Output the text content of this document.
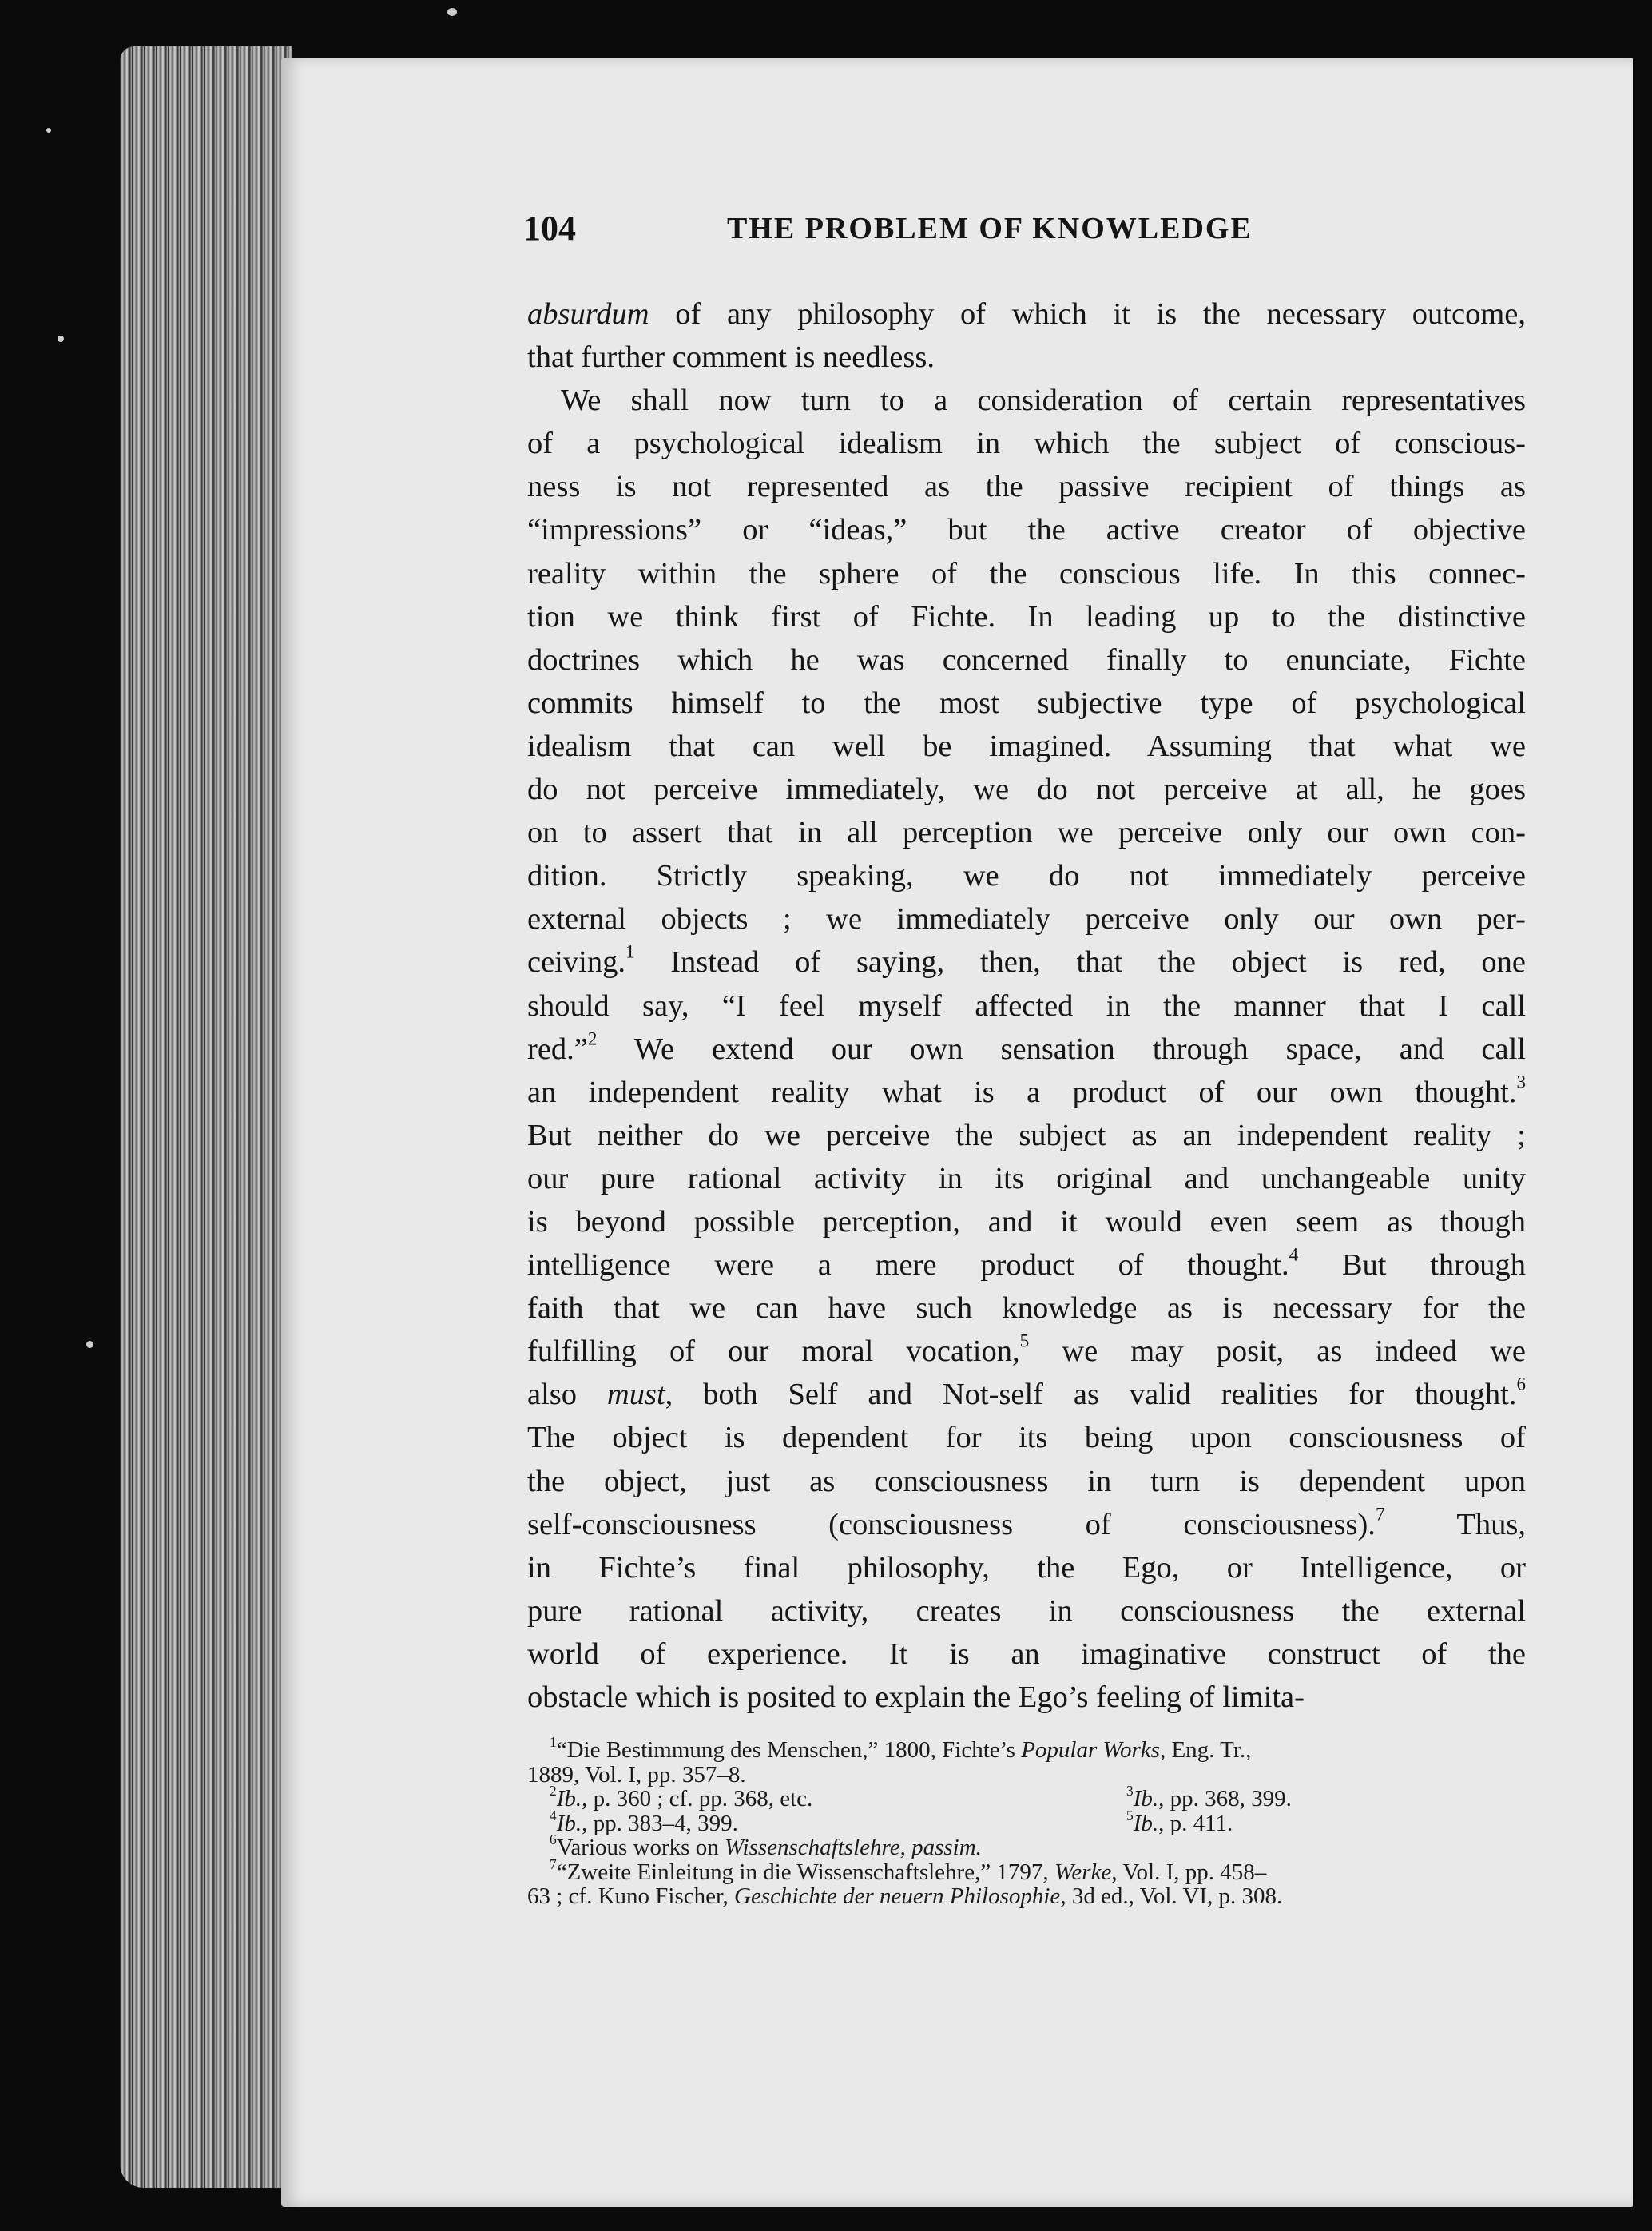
104	THE PROBLEM OF KNOWLEDGE
absurdum of any philosophy of which it is the necessary outcome,
that further comment is needless.
We shall now turn to a consideration of certain representatives
of a psychological idealism in which the subject of conscious-
ness is not represented as the passive recipient of things as
“impressions” or “ideas,” but the active creator of objective
reality within the sphere of the conscious life. In this connec-
tion we think first of Fichte. In leading up to the distinctive
doctrines which he was concerned finally to enunciate, Fichte
commits himself to the most subjective type of psychological
idealism that can well be imagined. Assuming that what we
do not perceive immediately, we do not perceive at all, he goes
on to assert that in all perception we perceive only our own con-
dition. Strictly speaking, we do not immediately perceive
external objects ; we immediately perceive only our own per-
ceiving.$^1$ Instead of saying, then, that the object is red, one
should say, “I feel myself affected in the manner that I call
red.”$^2$ We extend our own sensation through space, and call
an independent reality what is a product of our own thought.$^3$
But neither do we perceive the subject as an independent reality ;
our pure rational activity in its original and unchangeable unity
is beyond possible perception, and it would even seem as though
intelligence were a mere product of thought.$^4$ But through
faith that we can have such knowledge as is necessary for the
fulfilling of our moral vocation,$^5$ we may posit, as indeed we
also must, both Self and Not-self as valid realities for thought.$^6$
The object is dependent for its being upon consciousness of
the object, just as consciousness in turn is dependent upon
self-consciousness (consciousness of consciousness).$^7$ Thus,
in Fichte’s final philosophy, the Ego, or Intelligence, or
pure rational activity, creates in consciousness the external
world of experience. It is an imaginative construct of the
obstacle which is posited to explain the Ego’s feeling of limita-
$^1$“Die Bestimmung des Menschen,” 1800, Fichte’s Popular Works, Eng. Tr.,
1889, Vol. I, pp. 357–8.
$^2$Ib., p. 360 ; cf. pp. 368, etc.	$^3$Ib., pp. 368, 399.
$^4$Ib., pp. 383–4, 399.	$^5$Ib., p. 411.
$^6$Various works on Wissenschaftslehre, passim.
$^7$“Zweite Einleitung in die Wissenschaftslehre,” 1797, Werke, Vol. I, pp. 458–
63 ; cf. Kuno Fischer, Geschichte der neuern Philosophie, 3d ed., Vol. VI, p. 308.
